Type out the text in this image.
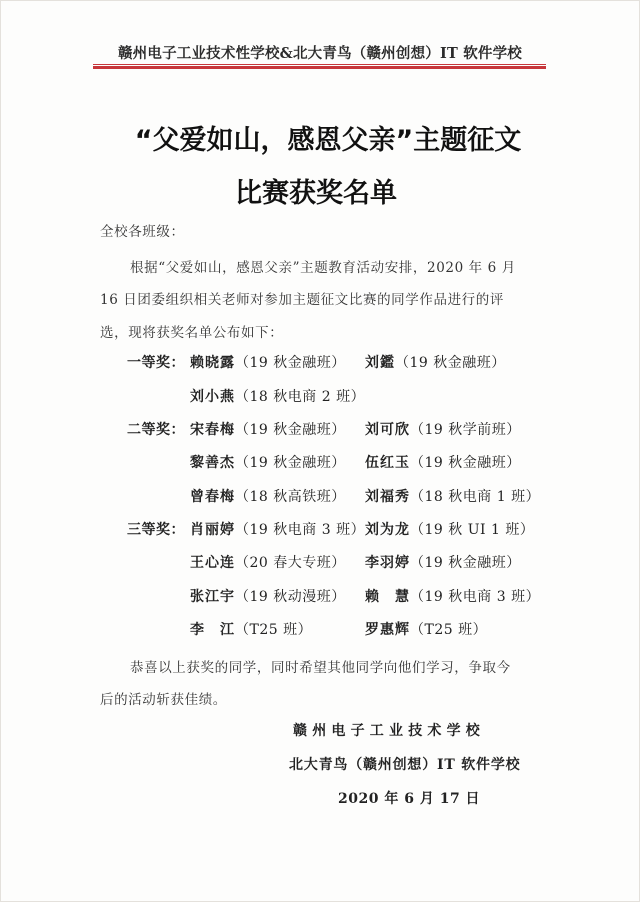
赣州电子工业技术性学校&北大青鸟（赣州创想）IT 软件学校
“父爱如山，感恩父亲”主题征文
比赛获奖名单
全校各班级：
根据“父爱如山，感恩父亲”主题教育活动安排，2020 年 6 月
16 日团委组织相关老师对参加主题征文比赛的同学作品进行的评
选，现将获奖名单公布如下：
一等奖： 赖晓露（19 秋金融班） 刘鑑（19 秋金融班）
刘小燕（18 秋电商 2 班）
二等奖： 宋春梅（19 秋金融班） 刘可欣（19 秋学前班）
黎善杰（19 秋金融班） 伍红玉（19 秋金融班）
曾春梅（18 秋高铁班） 刘福秀（18 秋电商 1 班）
三等奖： 肖丽婷（19 秋电商 3 班） 刘为龙（19 秋 UI 1 班）
王心连（20 春大专班） 李羽婷（19 秋金融班）
张江宇（19 秋动漫班） 赖　慧（19 秋电商 3 班）
李　江（T25 班）	罗惠辉（T25 班）
恭喜以上获奖的同学，同时希望其他同学向他们学习，争取今
后的活动斩获佳绩。
赣州电子工业技术学校
北大青鸟（赣州创想）IT 软件学校
2020 年 6 月 17 日
